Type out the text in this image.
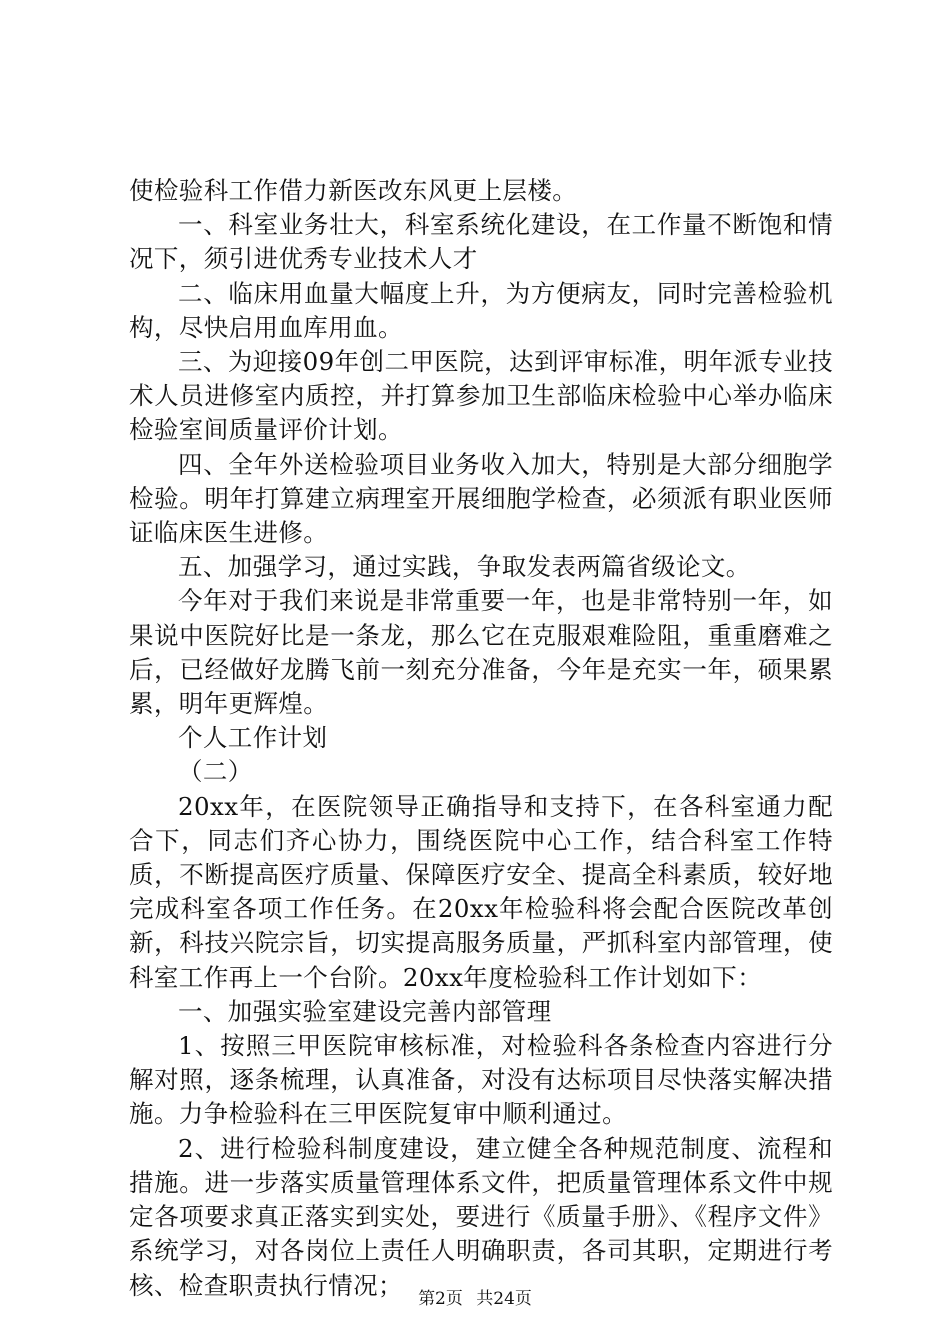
使检验科工作借力新医改东风更上层楼。

一、科室业务壮大，科室系统化建设，在工作量不断饱和情况下，须引进优秀专业技术人才

二、临床用血量大幅度上升，为方便病友，同时完善检验机构，尽快启用血库用血。

三、为迎接09年创二甲医院，达到评审标准，明年派专业技术人员进修室内质控，并打算参加卫生部临床检验中心举办临床检验室间质量评价计划。

四、全年外送检验项目业务收入加大，特别是大部分细胞学检验。明年打算建立病理室开展细胞学检查，必须派有职业医师证临床医生进修。

五、加强学习，通过实践，争取发表两篇省级论文。

今年对于我们来说是非常重要一年，也是非常特别一年，如果说中医院好比是一条龙，那么它在克服艰难险阻，重重磨难之后，已经做好龙腾飞前一刻充分准备，今年是充实一年，硕果累累，明年更辉煌。

个人工作计划

（二）

20xx年，在医院领导正确指导和支持下，在各科室通力配合下，同志们齐心协力，围绕医院中心工作，结合科室工作特质，不断提高医疗质量、保障医疗安全、提高全科素质，较好地完成科室各项工作任务。在20xx年检验科将会配合医院改革创新，科技兴院宗旨，切实提高服务质量，严抓科室内部管理，使科室工作再上一个台阶。20xx年度检验科工作计划如下：

一、加强实验室建设完善内部管理

1、按照三甲医院审核标准，对检验科各条检查内容进行分解对照，逐条梳理，认真准备，对没有达标项目尽快落实解决措施。力争检验科在三甲医院复审中顺利通过。

2、进行检验科制度建设，建立健全各种规范制度、流程和措施。进一步落实质量管理体系文件，把质量管理体系文件中规定各项要求真正落实到实处，要进行《质量手册》、《程序文件》系统学习，对各岗位上责任人明确职责，各司其职，定期进行考核、检查职责执行情况； 第2页 共24页
